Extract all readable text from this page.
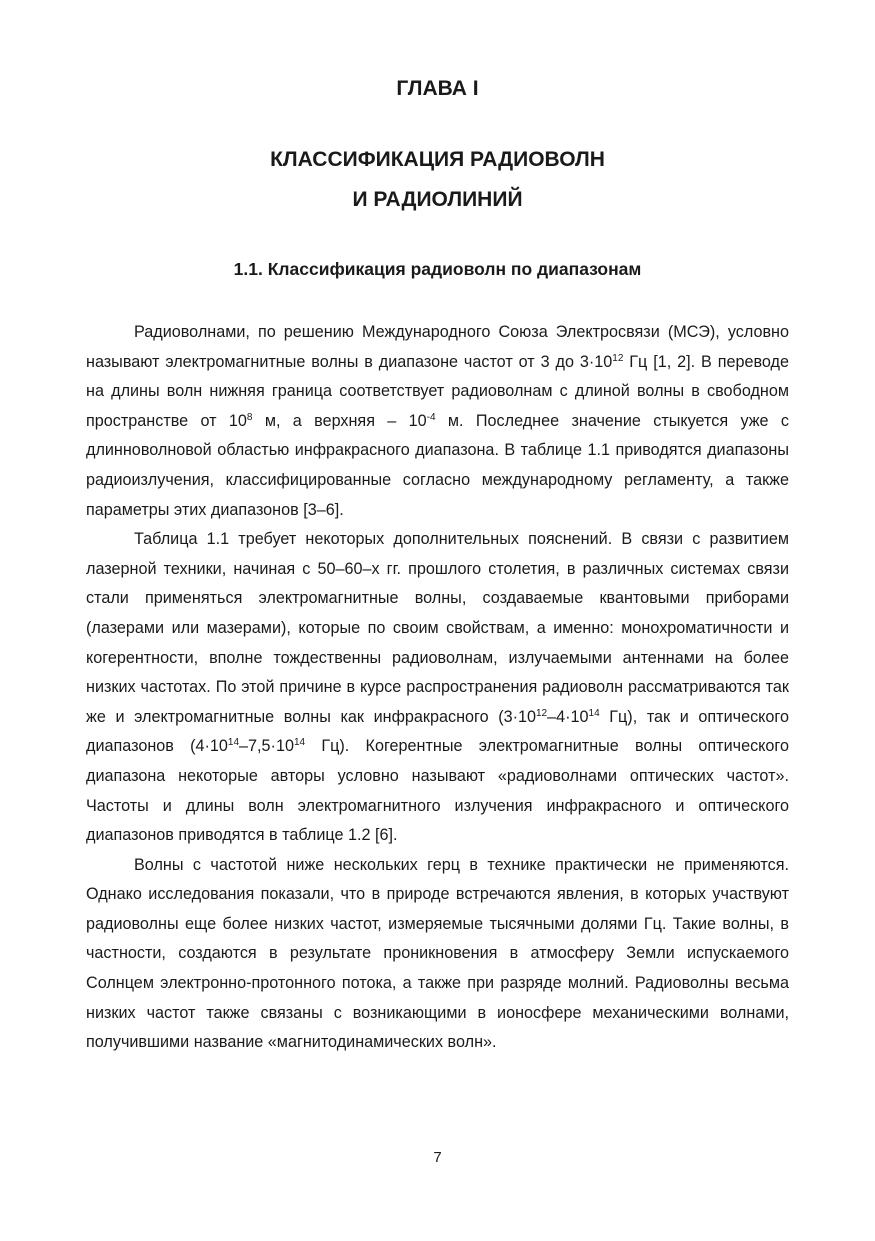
ГЛАВА I
КЛАССИФИКАЦИЯ РАДИОВОЛН
И РАДИОЛИНИЙ
1.1. Классификация радиоволн по диапазонам

Радиоволнами, по решению Международного Союза Электросвязи (МСЭ), условно называют электромагнитные волны в диапазоне частот от 3 до $3\cdot 10^{12}$ Гц [1, 2]. В переводе на длины волн нижняя граница соответствует радиоволнам с длиной волны в свободном пространстве от $10^8$ м, а верхняя – $10^{-4}$ м. Последнее значение стыкуется уже с длинноволновой областью инфракрасного диапазона. В таблице 1.1 приводятся диапазоны радиоизлучения, классифицированные согласно международному регламенту, а также параметры этих диапазонов [3–6].

Таблица 1.1 требует некоторых дополнительных пояснений. В связи с развитием лазерной техники, начиная с 50–60–х гг. прошлого столетия, в различных системах связи стали применяться электромагнитные волны, создаваемые квантовыми приборами (лазерами или мазерами), которые по своим свойствам, а именно: монохроматичности и когерентности, вполне тождественны радиоволнам, излучаемыми антеннами на более низких частотах. По этой причине в курсе распространения радиоволн рассматриваются так же и электромагнитные волны как инфракрасного ($3\cdot 10^{12}-4\cdot 10^{14}$ Гц), так и оптического диапазонов ($4\cdot 10^{14}-7,5\cdot 10^{14}$ Гц). Когерентные электромагнитные волны оптического диапазона некоторые авторы условно называют «радиоволнами оптических частот». Частоты и длины волн электромагнитного излучения инфракрасного и оптического диапазонов приводятся в таблице 1.2 [6].

Волны с частотой ниже нескольких герц в технике практически не применяются. Однако исследования показали, что в природе встречаются явления, в которых участвуют радиоволны еще более низких частот, измеряемые тысячными долями Гц. Такие волны, в частности, создаются в результате проникновения в атмосферу Земли испускаемого Солнцем электронно-протонного потока, а также при разряде молний. Радиоволны весьма низких частот также связаны с возникающими в ионосфере механическими волнами, получившими название «магнитодинамических волн».

7
